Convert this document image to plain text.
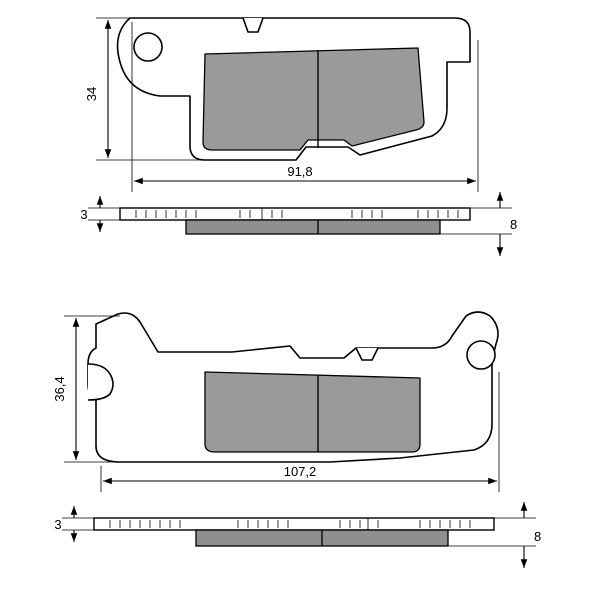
34
91,8
3
8
36,4
107,2
3
8
